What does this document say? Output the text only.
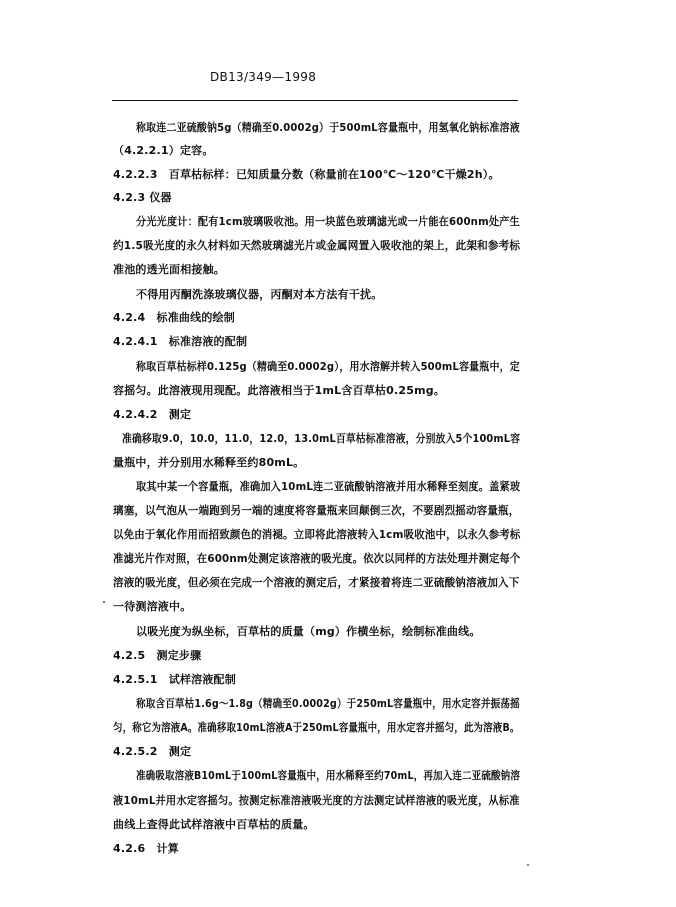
DB13/349—1998
称取连二亚硫酸钠5g（精确至0.0002g）于500mL容量瓶中，用氢氧化钠标准溶液
（4.2.2.1）定容。
4.2.2.3　百草枯标样：已知质量分数（称量前在100℃～120℃干燥2h）。
4.2.3 仪器
分光光度计：配有1cm玻璃吸收池。用一块蓝色玻璃滤光或一片能在600nm处产生
约1.5吸光度的永久材料如天然玻璃滤光片或金属网置入吸收池的架上，此架和参考标
准池的透光面相接触。
不得用丙酮洗涤玻璃仪器，丙酮对本方法有干扰。
4.2.4　标准曲线的绘制
4.2.4.1　标准溶液的配制
称取百草枯标样0.125g（精确至0.0002g），用水溶解并转入500mL容量瓶中，定
容摇匀。此溶液现用现配。此溶液相当于1mL含百草枯0.25mg。
4.2.4.2　测定
准确移取9.0，10.0，11.0，12.0，13.0mL百草枯标准溶液，分别放入5个100mL容
量瓶中，并分别用水稀释至约80mL。
取其中某一个容量瓶，准确加入10mL连二亚硫酸钠溶液并用水稀释至刻度。盖紧玻
璃塞，以气泡从一端跑到另一端的速度将容量瓶来回颠倒三次，不要剧烈摇动容量瓶，
以免由于氧化作用而招致颜色的消褪。立即将此溶液转入1cm吸收池中，以永久参考标
准滤光片作对照，在600nm处测定该溶液的吸光度。依次以同样的方法处理并测定每个
溶液的吸光度，但必须在完成一个溶液的测定后，才紧接着将连二亚硫酸钠溶液加入下
一待测溶液中。
以吸光度为纵坐标，百草枯的质量（mg）作横坐标，绘制标准曲线。
4.2.5　测定步骤
4.2.5.1　试样溶液配制
称取含百草枯1.6g～1.8g（精确至0.0002g）于250mL容量瓶中，用水定容并振荡摇
匀，称它为溶液A。准确移取10mL溶液A于250mL容量瓶中，用水定容并摇匀，此为溶液B。
4.2.5.2　测定
准确吸取溶液B10mL于100mL容量瓶中，用水稀释至约70mL，再加入连二亚硫酸钠溶
液10mL并用水定容摇匀。按测定标准溶液吸光度的方法测定试样溶液的吸光度，从标准
曲线上查得此试样溶液中百草枯的质量。
4.2.6　计算
